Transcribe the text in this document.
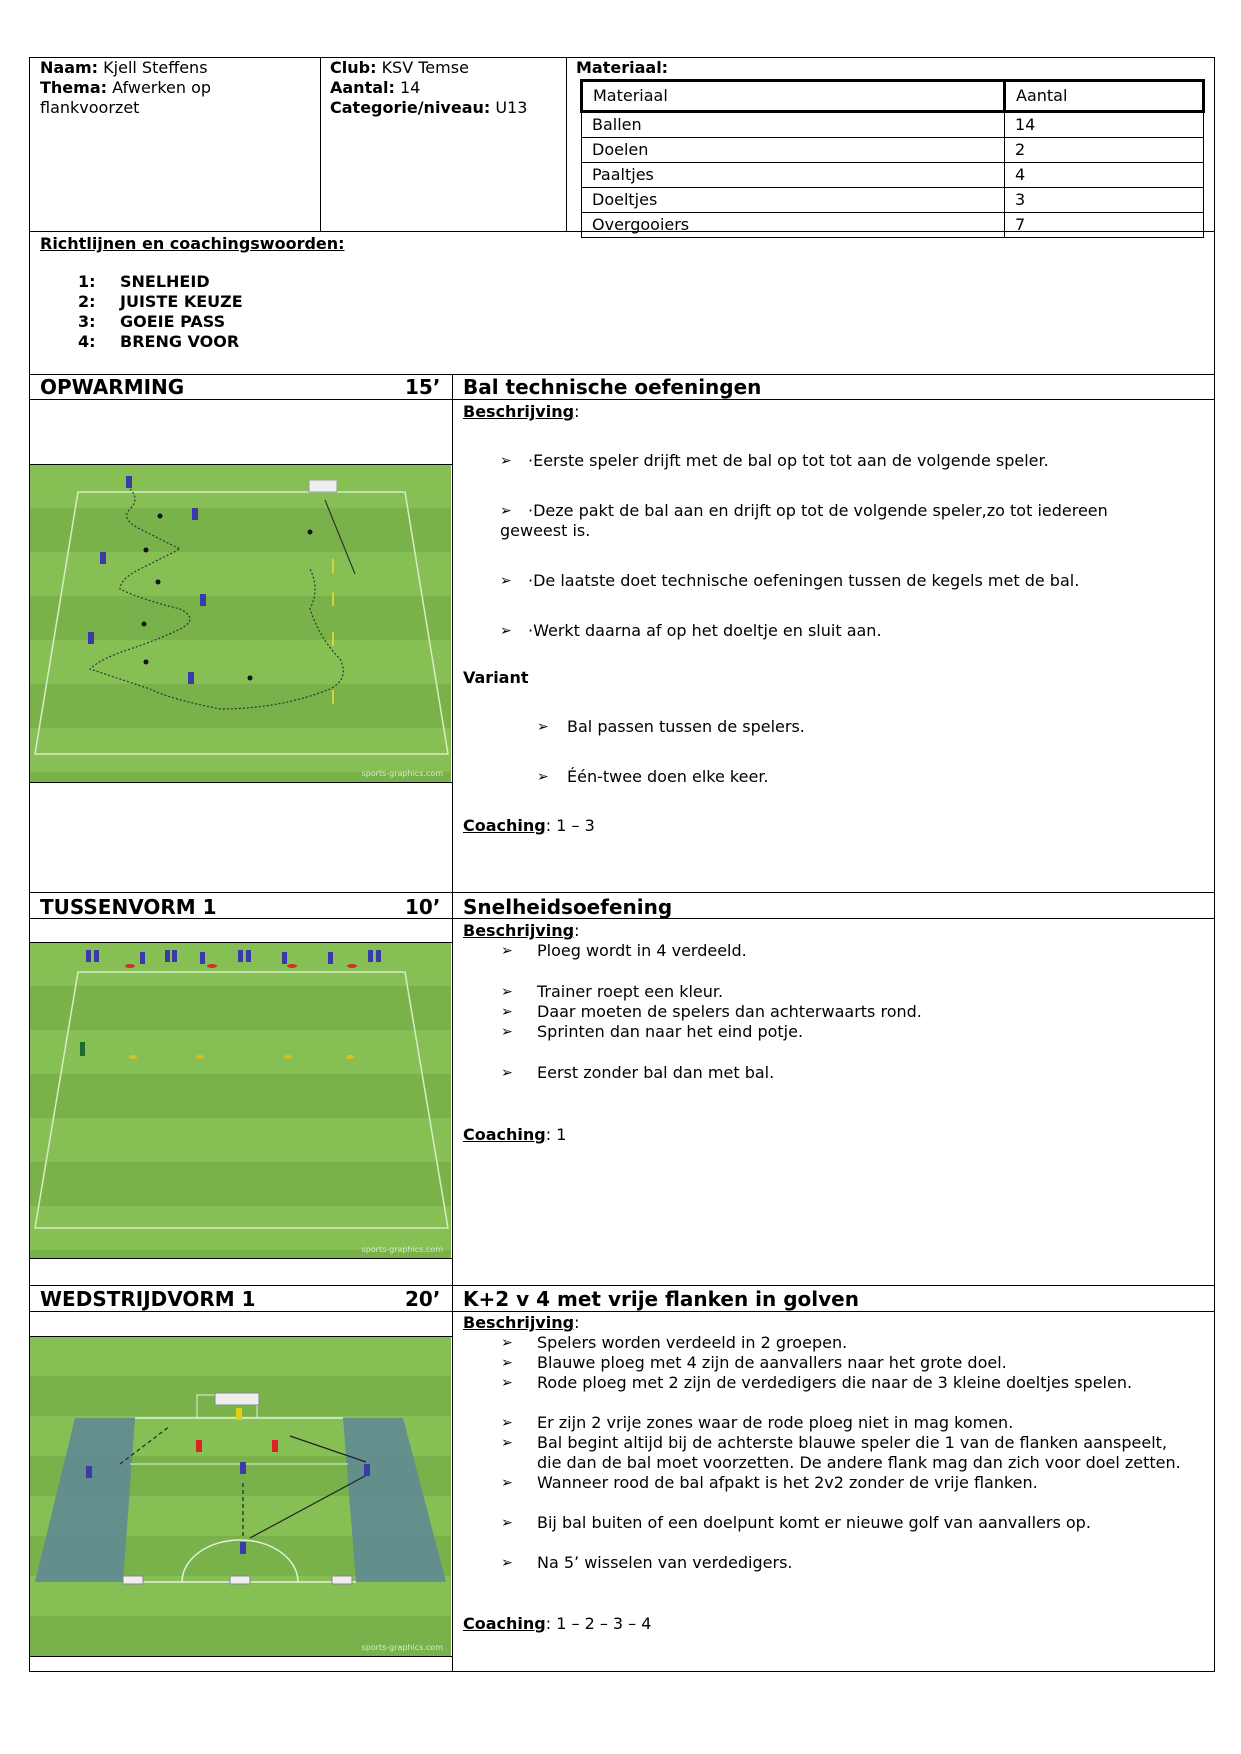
Naam: Kjell Steffens
Thema: Afwerken op
flankvoorzet
Club: KSV Temse
Aantal: 14
Categorie/niveau: U13
Materiaal:
Materiaal	Aantal
Ballen	14
Doelen	2
Paaltjes	4
Doeltjes	3
Overgooiers	7
Richtlijnen en coachingswoorden:
1: SNELHEID
2: JUISTE KEUZE
3: GOEIE PASS
4: BRENG VOOR
OPWARMING	15’ Bal technische oefeningen
sports-graphics.com
Beschrijving:
➢ ·Eerste speler drijft met de bal op tot tot aan de volgende speler.
➢ ·Deze pakt de bal aan en drijft op tot de volgende speler,zo tot iedereen
geweest is.
➢ ·De laatste doet technische oefeningen tussen de kegels met de bal.
➢ ·Werkt daarna af op het doeltje en sluit aan.
Variant
➢ Bal passen tussen de spelers.
➢ Één-twee doen elke keer.
Coaching: 1 – 3
TUSSENVORM 1	10’ Snelheidsoefening
sports-graphics.com
Beschrijving:
➢ Ploeg wordt in 4 verdeeld.
➢ Trainer roept een kleur.
➢ Daar moeten de spelers dan achterwaarts rond.
➢ Sprinten dan naar het eind potje.
➢ Eerst zonder bal dan met bal.
Coaching: 1
WEDSTRIJDVORM 1	20’ K+2 v 4 met vrije flanken in golven
sports-graphics.com
Beschrijving:
➢ Spelers worden verdeeld in 2 groepen.
➢ Blauwe ploeg met 4 zijn de aanvallers naar het grote doel.
➢ Rode ploeg met 2 zijn de verdedigers die naar de 3 kleine doeltjes spelen.
➢ Er zijn 2 vrije zones waar de rode ploeg niet in mag komen.
➢ Bal begint altijd bij de achterste blauwe speler die 1 van de flanken aanspeelt,
die dan de bal moet voorzetten. De andere flank mag dan zich voor doel zetten.
➢ Wanneer rood de bal afpakt is het 2v2 zonder de vrije flanken.
➢ Bij bal buiten of een doelpunt komt er nieuwe golf van aanvallers op.
➢ Na 5’ wisselen van verdedigers.
Coaching: 1 – 2 – 3 – 4
